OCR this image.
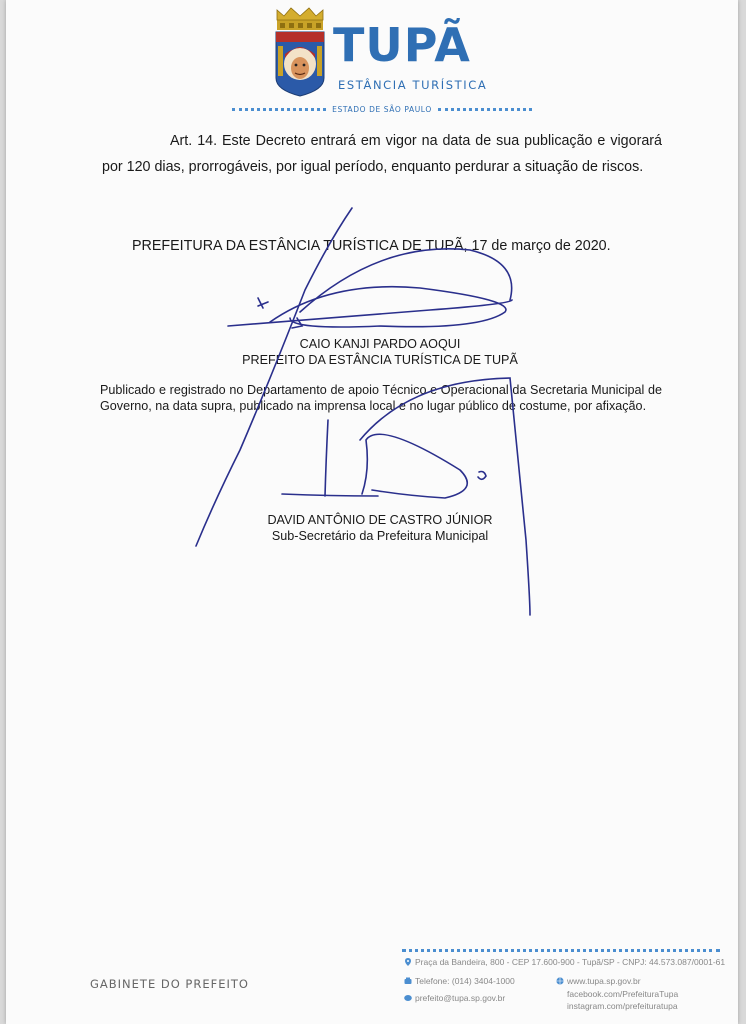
TUPÃ
ESTÂNCIA TURÍSTICA
ESTADO DE SÃO PAULO
Art. 14. Este Decreto entrará em vigor na data de sua publicação e vigorará por 120 dias, prorrogáveis, por igual período, enquanto perdurar a situação de riscos.
PREFEITURA DA ESTÂNCIA TURÍSTICA DE TUPÃ, 17 de março de 2020.
CAIO KANJI PARDO AOQUI
PREFEITO DA ESTÂNCIA TURÍSTICA DE TUPÃ
Publicado e registrado no Departamento de apoio Técnico e Operacional da Secretaria Municipal de Governo, na data supra, publicado na imprensa local e no lugar público de costume, por afixação.
DAVID ANTÔNIO DE CASTRO JÚNIOR
Sub-Secretário da Prefeitura Municipal
GABINETE DO PREFEITO
Praça da Bandeira, 800 - CEP 17.600-900 - Tupã/SP - CNPJ: 44.573.087/0001-61
Telefone: (014) 3404-1000
prefeito@tupa.sp.gov.br
www.tupa.sp.gov.br
facebook.com/PrefeituraTupa
instagram.com/prefeituratupa
